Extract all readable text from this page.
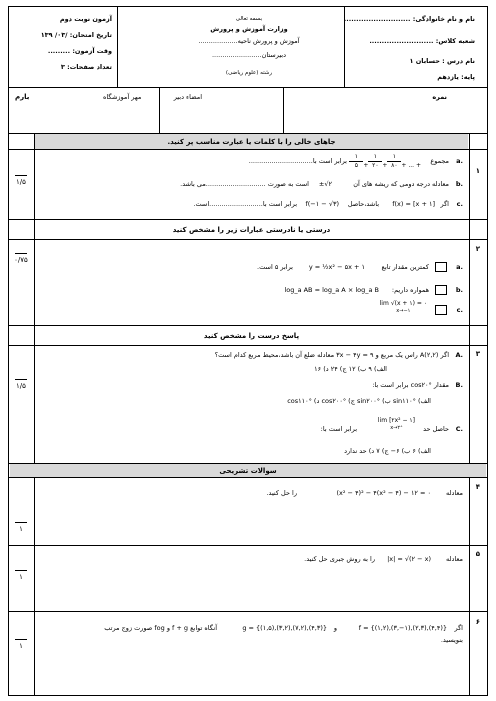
نام و نام خانوادگی: ...........................
شعبه کلاس: ..........................
نام درس : حسابان ۱
پایه: یازدهم
بسمه تعالی
وزارت آموزش و پرورش
آموزش و پرورش ناحیه...................
دبیرستان........................
رشته (علوم ریاضی)
آزمون نوبت دوم
تاریخ امتحان: /۰۳/ ۱۳۹
وقت آزمون: .........
تعداد صفحات: ۳
نمره
امضاء دبیر
مهر آموزشگاه
بارم
جاهای خالی را با کلمات یا عبارت مناسب پر کنید.
۱
۱/۵
.a
مجموع
$\frac{۱}{۵} + \frac{۱}{۲۰} + \frac{۱}{۸۰}$ + ... +
برابر است با...............................
.b
معادله درجه دومی که ریشه های آن
±√۲
است به صورت .............................می باشد.
.c
اگر
f(x) = [x + ۱]
باشد،حاصل
f(−۱ − √۳)
برابر است با..........................است.
درستی یا نادرستی عبارات زیر را مشخص کنید
۲
۰/۷۵
.a
کمترین مقدار تابع
y = ½x² − ۵x + ۱
برابر ۵ است.
.b
همواره داریم:
log_a AB = log_a A × log_a B
.c
lim √(x + ۱) = ۰
x→−۱
پاسخ درست را مشخص کنید
۳
۱/۵
.A
اگر (۲,۲)A راس یک مربع و ۹ = ۳x − ۴y معادله ضلع آن باشد،محیط مربع کدام است؟
الف) ۹ ب) ۱۲ ج) ۲۴ د) ۱۶
.B
مقدار cos۲۰° برابر است با:
الف) sin۱۱۰° ب) sin۲۰۰° ج) cos۲۰۰° د) cos۱۱۰°
.C
حاصل حد
lim [۲x² − ۱]
x→۲⁺
برابر است با:
الف) ۶ ب) ۶− ج) ۷ د) حد ندارد
سوالات تشریحی
۴
معادله
(x² − ۴)² − ۴(x² − ۴) − ۱۲ = ۰
را حل کنید.
۱
۵
معادله
|x| = √(۲ − x)
را به روش جبری حل کنید.
۱
۶
اگر
f = {(۱,۲),(۳,−۱),(۲,۳),(۴,۴)}
و
g = {(۱,۵),(۳,۲),(۷,۲),(۴,۳)}
آنگاه توابع f + g و fog صورت زوج مرتب
بنویسید.
۱
